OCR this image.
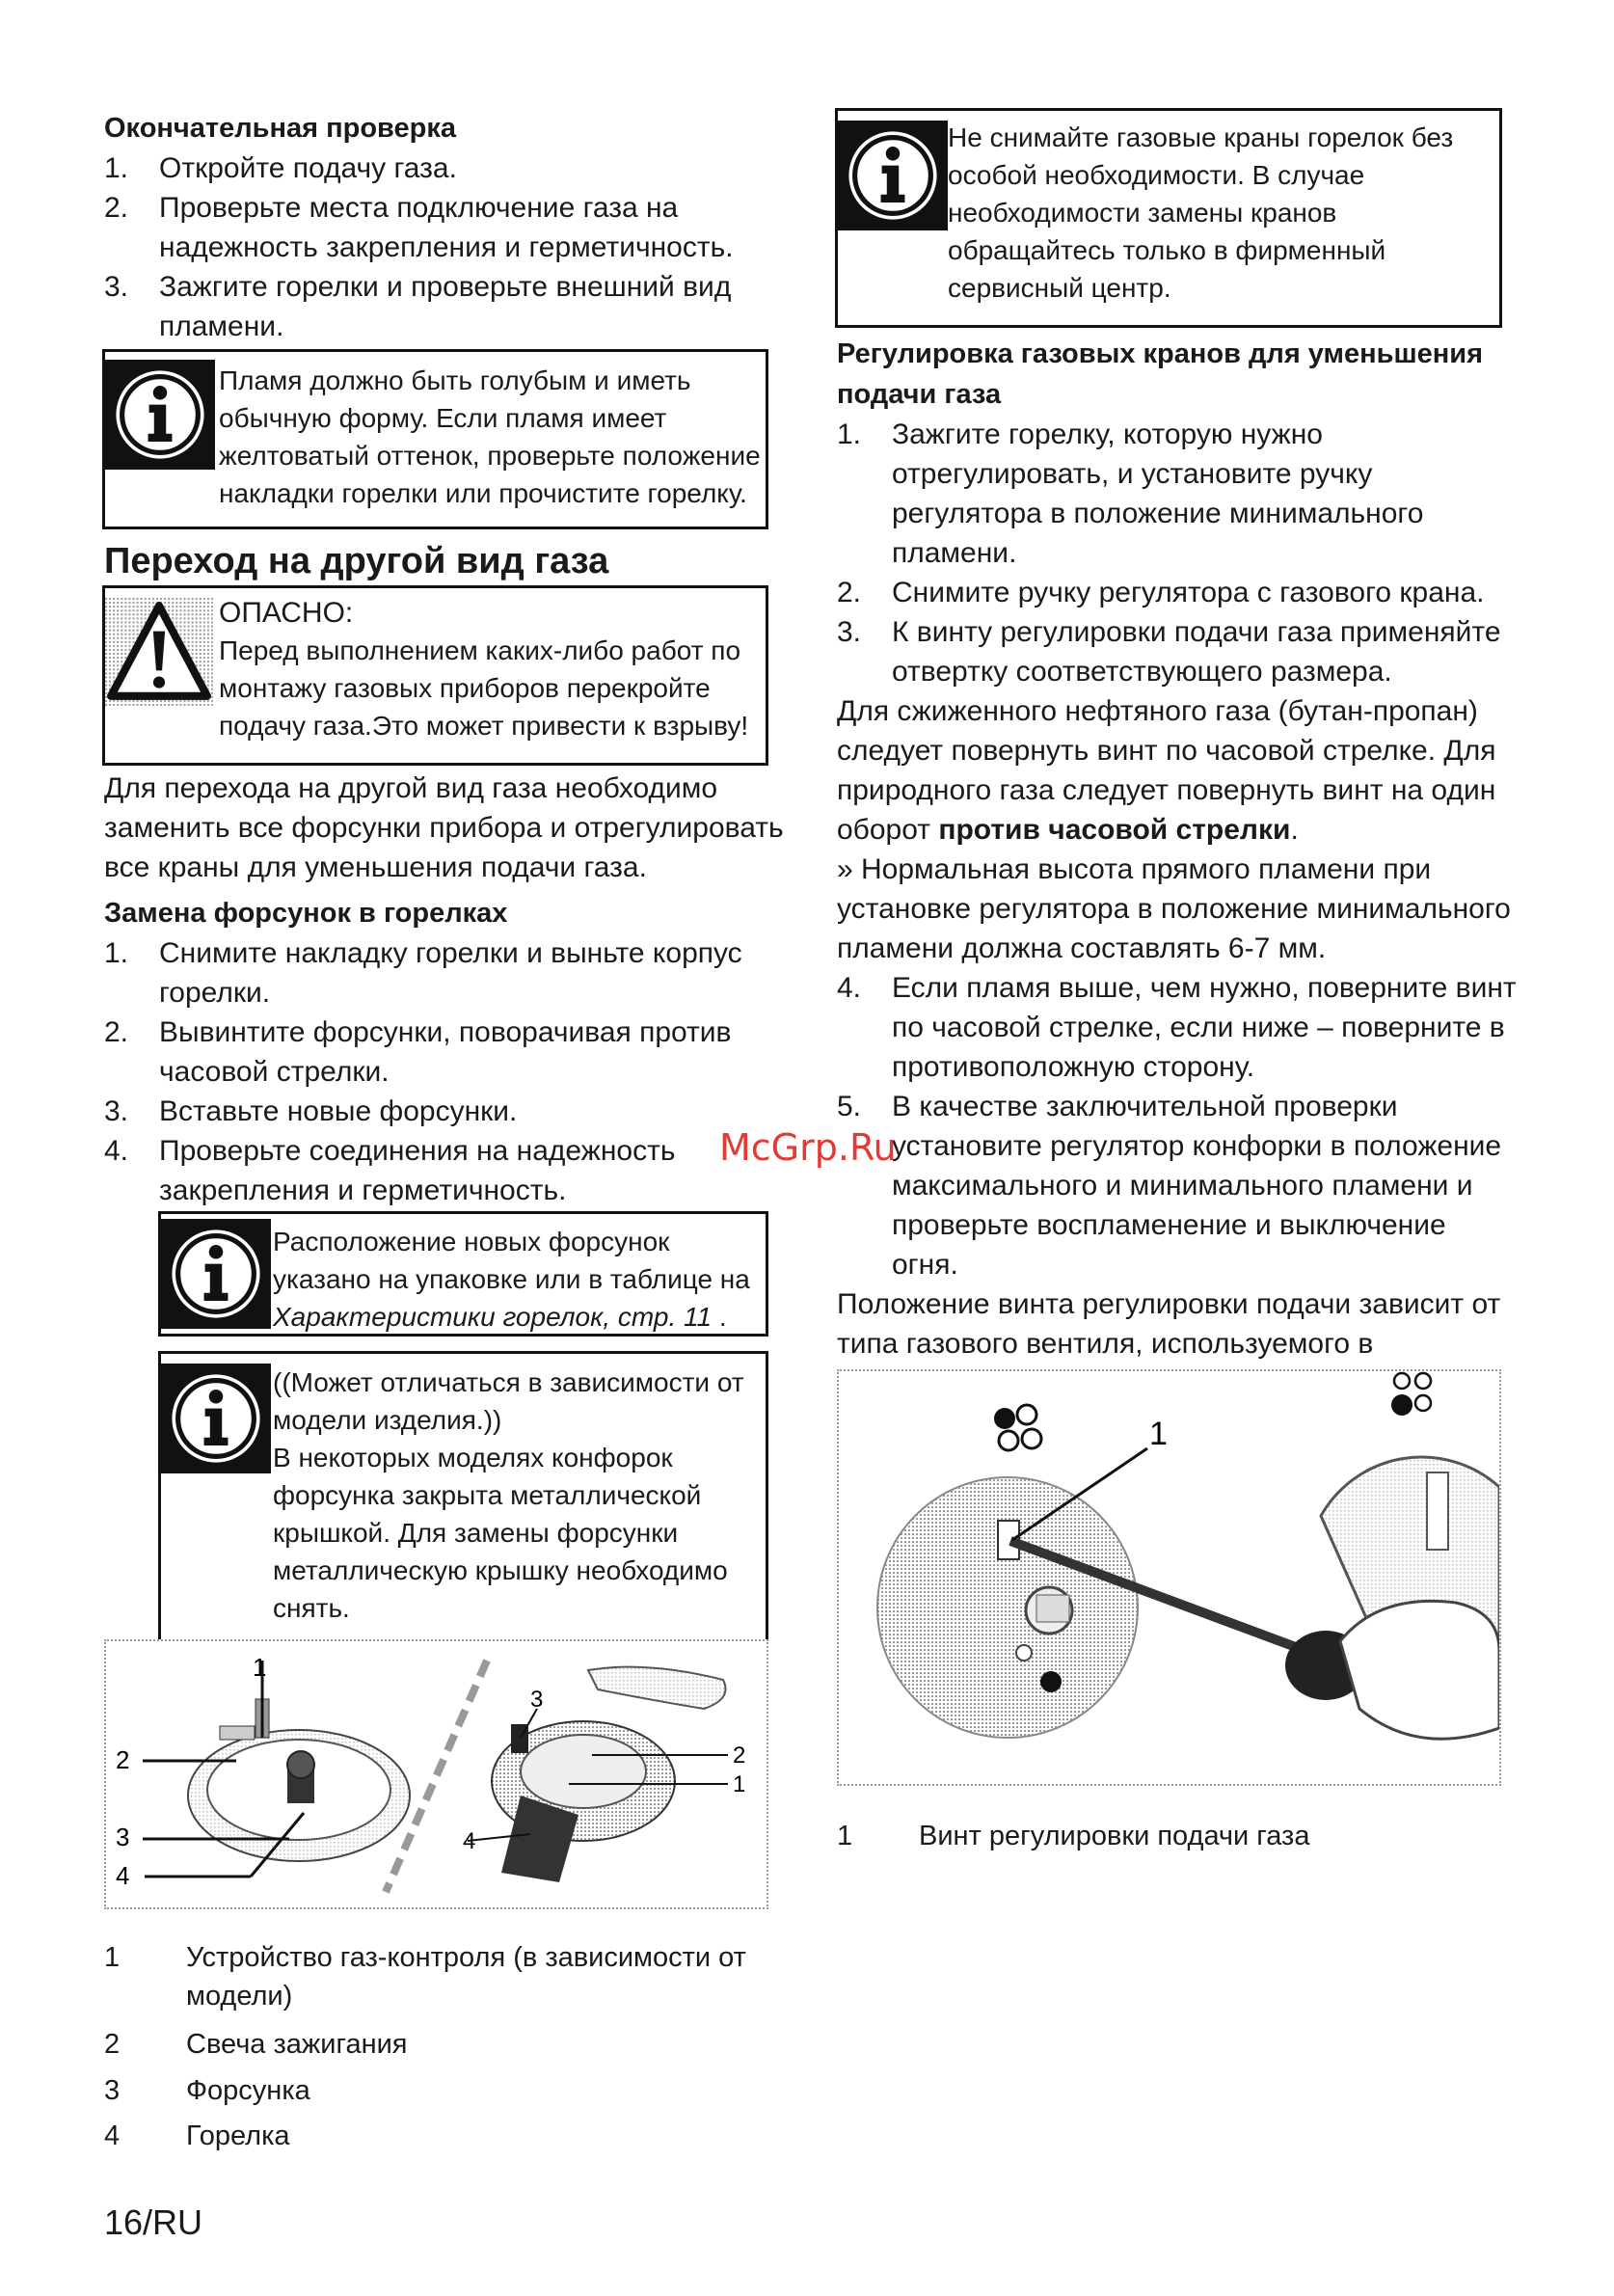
Окончательная проверка
1. Откройте подачу газа.
2. Проверьте места подключение газа на надежность закрепления и герметичность.
3. Зажгите горелки и проверьте внешний вид пламени.
Пламя должно быть голубым и иметь
обычную форму. Если пламя имеет
желтоватый оттенок, проверьте положение
накладки горелки или прочистите горелку.
Переход на другой вид газа
ОПАСНО:
Перед выполнением каких-либо работ по
монтажу газовых приборов перекройте
подачу газа.Это может привести к взрыву!

Для перехода на другой вид газа необходимо заменить все форсунки прибора и отрегулировать все краны для уменьшения подачи газа.

Замена форсунок в горелках
1. Снимите накладку горелки и выньте корпус горелки.
2. Вывинтите форсунки, поворачивая против часовой стрелки.
3. Вставьте новые форсунки.
4. Проверьте соединения на надежность закрепления и герметичность.
Расположение новых форсунок
указано на упаковке или в таблице на
Характеристики горелок, стр. 11 .
((Может отличаться в зависимости от
модели изделия.))
В некоторых моделях конфорок
форсунка закрыта металлической
крышкой. Для замены форсунки
металлическую крышку необходимо
снять.
1
2
3
4
3
2
1
4
1 Устройство газ-контроля (в зависимости от модели)
2 Свеча зажигания
3 Форсунка
4 Горелка
Не снимайте газовые краны горелок без
особой необходимости. В случае
необходимости замены кранов
обращайтесь только в фирменный
сервисный центр.
Регулировка газовых кранов для уменьшения подачи газа
1. Зажгите горелку, которую нужно отрегулировать, и установите ручку регулятора в положение минимального пламени.
2. Снимите ручку регулятора с газового крана.
3. К винту регулировки подачи газа применяйте отвертку соответствующего размера.

Для сжиженного нефтяного газа (бутан-пропан) следует повернуть винт по часовой стрелке. Для природного газа следует повернуть винт на один оборот против часовой стрелки.

» Нормальная высота прямого пламени при установке регулятора в положение минимального пламени должна составлять 6-7 мм.

4. Если пламя выше, чем нужно, поверните винт по часовой стрелке, если ниже – поверните в противоположную сторону.
5. В качестве заключительной проверки установите регулятор конфорки в положение максимального и минимального пламени и проверьте воспламенение и выключение огня.

Положение винта регулировки подачи зависит от типа газового вентиля, используемого в

1
1 Винт регулировки подачи газа
McGrp.Ru
16/RU
